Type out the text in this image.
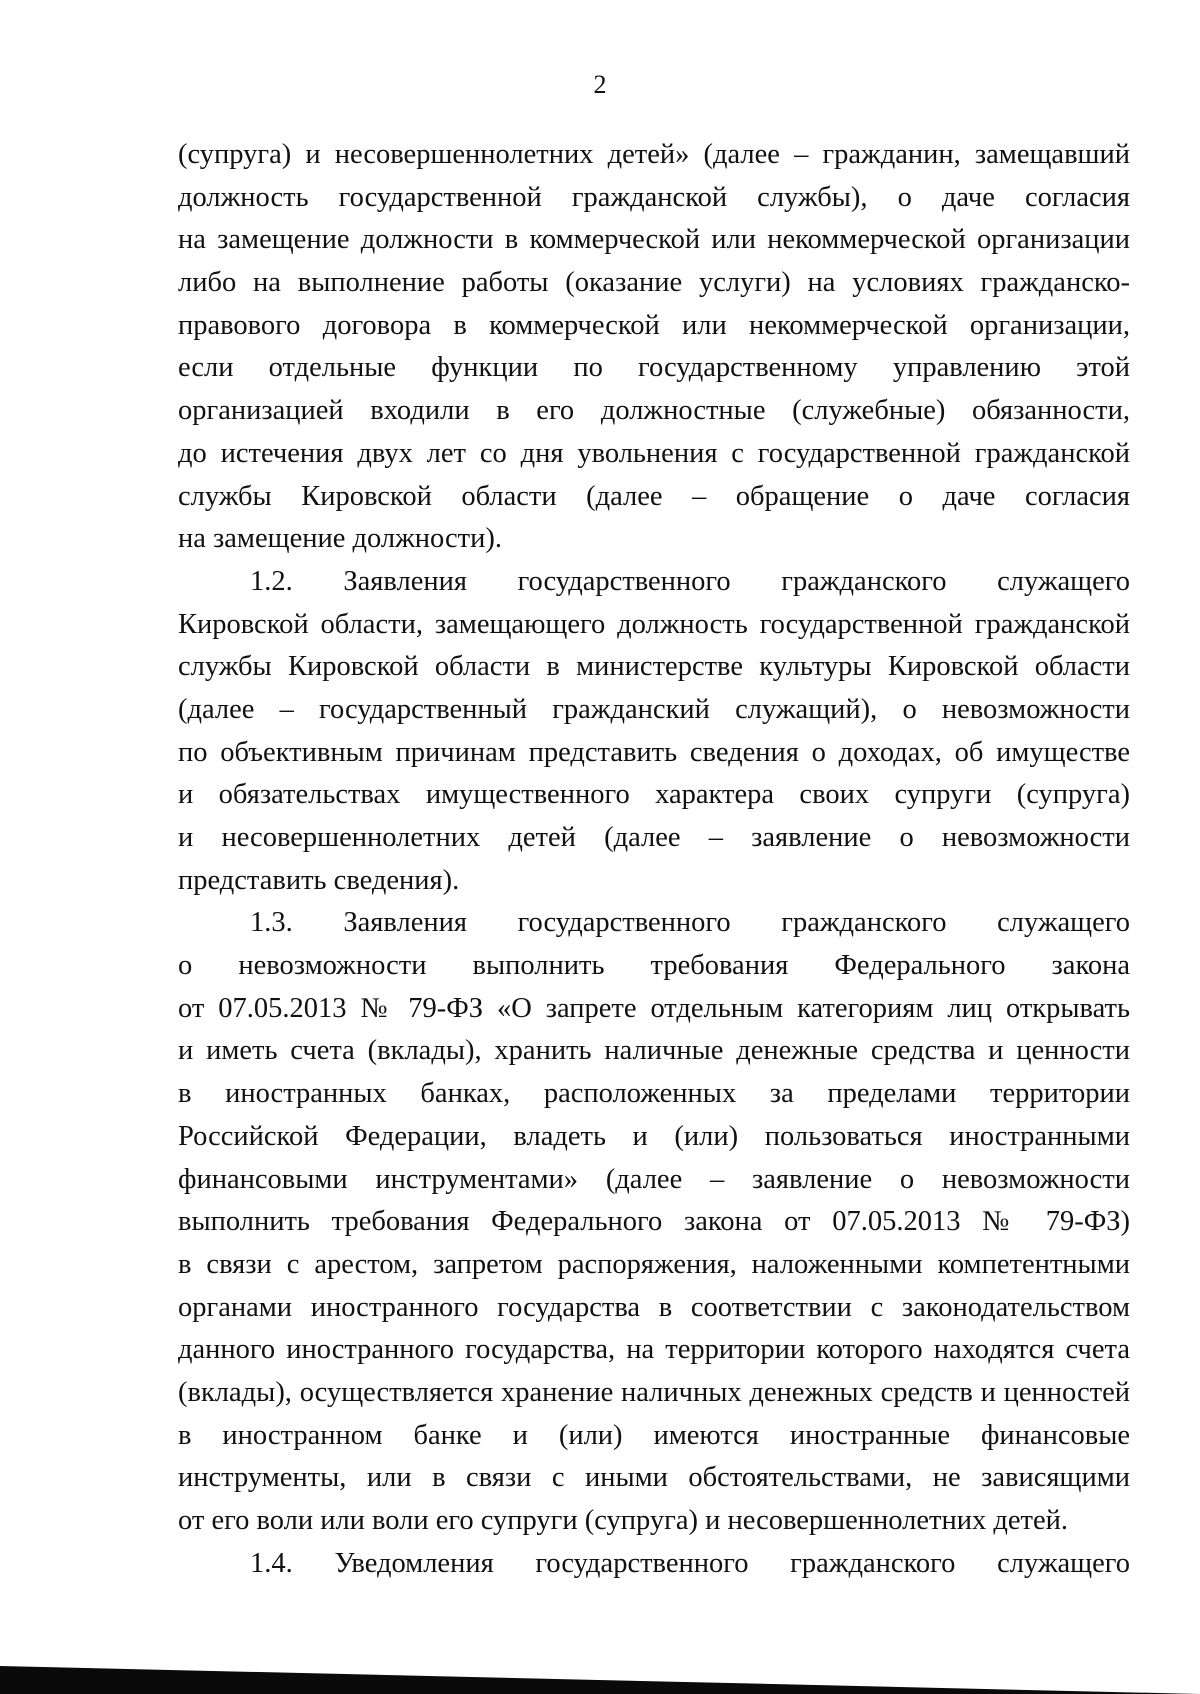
2
(супруга) и несовершеннолетних детей» (далее – гражданин, замещавший
должность государственной гражданской службы), о даче согласия
на замещение должности в коммерческой или некоммерческой организации
либо на выполнение работы (оказание услуги) на условиях гражданско-
правового договора в коммерческой или некоммерческой организации,
если отдельные функции по государственному управлению этой
организацией входили в его должностные (служебные) обязанности,
до истечения двух лет со дня увольнения с государственной гражданской
службы Кировской области (далее – обращение о даче согласия
на замещение должности).
1.2. Заявления государственного гражданского служащего
Кировской области, замещающего должность государственной гражданской
службы Кировской области в министерстве культуры Кировской области
(далее – государственный гражданский служащий), о невозможности
по объективным причинам представить сведения о доходах, об имуществе
и обязательствах имущественного характера своих супруги (супруга)
и несовершеннолетних детей (далее – заявление о невозможности
представить сведения).
1.3. Заявления государственного гражданского служащего
о невозможности выполнить требования Федерального закона
от 07.05.2013 № 79-ФЗ «О запрете отдельным категориям лиц открывать
и иметь счета (вклады), хранить наличные денежные средства и ценности
в иностранных банках, расположенных за пределами территории
Российской Федерации, владеть и (или) пользоваться иностранными
финансовыми инструментами» (далее – заявление о невозможности
выполнить требования Федерального закона от 07.05.2013 № 79-ФЗ)
в связи с арестом, запретом распоряжения, наложенными компетентными
органами иностранного государства в соответствии с законодательством
данного иностранного государства, на территории которого находятся счета
(вклады), осуществляется хранение наличных денежных средств и ценностей
в иностранном банке и (или) имеются иностранные финансовые
инструменты, или в связи с иными обстоятельствами, не зависящими
от его воли или воли его супруги (супруга) и несовершеннолетних детей.
1.4. Уведомления государственного гражданского служащего
